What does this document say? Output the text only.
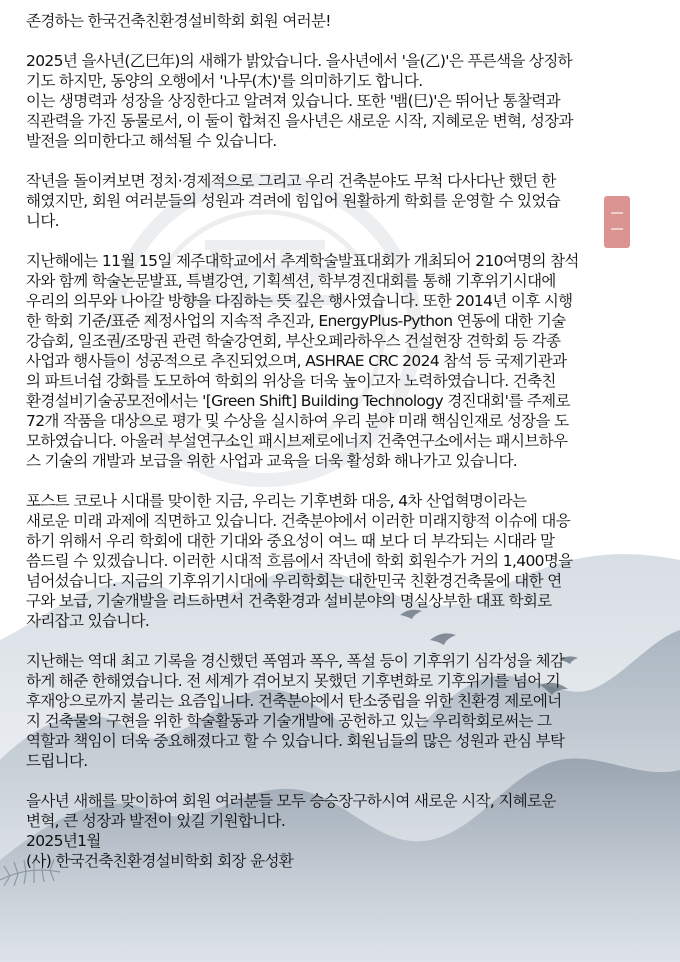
존경하는 한국건축친환경설비학회 회원 여러분!
2025년 을사년(乙巳年)의 새해가 밝았습니다. 을사년에서 '을(乙)'은 푸른색을 상징하
기도 하지만, 동양의 오행에서 '나무(木)'를 의미하기도 합니다.
이는 생명력과 성장을 상징한다고 알려져 있습니다. 또한 '뱀(巳)'은 뛰어난 통찰력과
직관력을 가진 동물로서, 이 둘이 합쳐진 을사년은 새로운 시작, 지혜로운 변혁, 성장과
발전을 의미한다고 해석될 수 있습니다.
작년을 돌이켜보면 정치·경제적으로 그리고 우리 건축분야도 무척 다사다난 했던 한
해였지만, 회원 여러분들의 성원과 격려에 힘입어 원활하게 학회를 운영할 수 있었습
니다.
지난해에는 11월 15일 제주대학교에서 추계학술발표대회가 개최되어 210여명의 참석
자와 함께 학술논문발표, 특별강연, 기획섹션, 학부경진대회를 통해 기후위기시대에
우리의 의무와 나아갈 방향을 다짐하는 뜻 깊은 행사였습니다. 또한 2014년 이후 시행
한 학회 기준/표준 제정사업의 지속적 추진과, EnergyPlus-Python 연동에 대한 기술
강습회, 일조권/조망권 관련 학술강연회, 부산오페라하우스 건설현장 견학회 등 각종
사업과 행사들이 성공적으로 추진되었으며, ASHRAE CRC 2024 참석 등 국제기관과
의 파트너쉽 강화를 도모하여 학회의 위상을 더욱 높이고자 노력하였습니다. 건축친
환경설비기술공모전에서는 '[Green Shift] Building Technology 경진대회'를 주제로
72개 작품을 대상으로 평가 및 수상을 실시하여 우리 분야 미래 핵심인재로 성장을 도
모하였습니다. 아울러 부설연구소인 패시브제로에너지 건축연구소에서는 패시브하우
스 기술의 개발과 보급을 위한 사업과 교육을 더욱 활성화 해나가고 있습니다.
포스트 코로나 시대를 맞이한 지금, 우리는 기후변화 대응, 4차 산업혁명이라는
새로운 미래 과제에 직면하고 있습니다. 건축분야에서 이러한 미래지향적 이슈에 대응
하기 위해서 우리 학회에 대한 기대와 중요성이 여느 때 보다 더 부각되는 시대라 말
씀드릴 수 있겠습니다. 이러한 시대적 흐름에서 작년에 학회 회원수가 거의 1,400명을
넘어섰습니다. 지금의 기후위기시대에 우리학회는 대한민국 친환경건축물에 대한 연
구와 보급, 기술개발을 리드하면서 건축환경과 설비분야의 명실상부한 대표 학회로
자리잡고 있습니다.
지난해는 역대 최고 기록을 경신했던 폭염과 폭우, 폭설 등이 기후위기 심각성을 체감
하게 해준 한해였습니다. 전 세계가 겪어보지 못했던 기후변화로 기후위기를 넘어 기
후재앙으로까지 불리는 요즘입니다. 건축분야에서 탄소중립을 위한 친환경 제로에너
지 건축물의 구현을 위한 학술활동과 기술개발에 공헌하고 있는 우리학회로써는 그
역할과 책임이 더욱 중요해졌다고 할 수 있습니다. 회원님들의 많은 성원과 관심 부탁
드립니다.
을사년 새해를 맞이하여 회원 여러분들 모두 승승장구하시여 새로운 시작, 지혜로운
변혁, 큰 성장과 발전이 있길 기원합니다.
2025년1월
(사) 한국건축친환경설비학회 회장 윤성환
